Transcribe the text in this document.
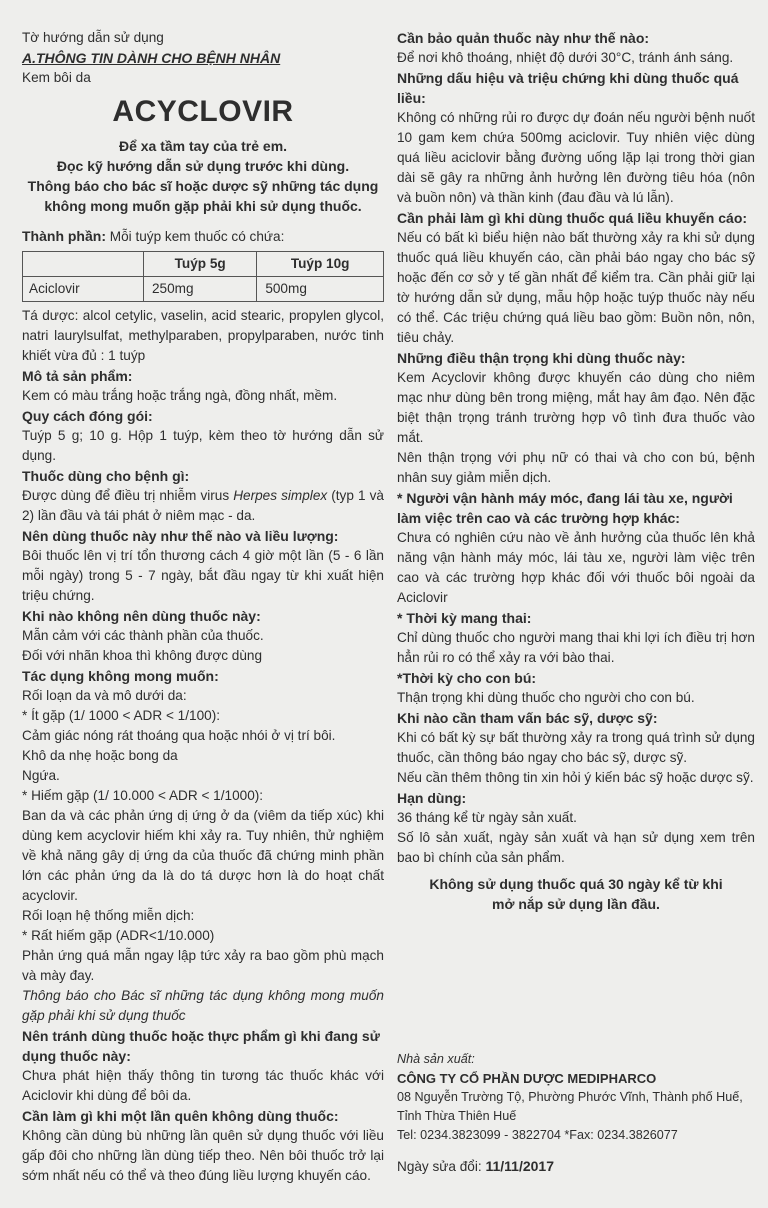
Tờ hướng dẫn sử dụng

A.THÔNG TIN DÀNH CHO BỆNH NHÂN

Kem bôi da

ACYCLOVIR

Để xa tầm tay của trẻ em.

Đọc kỹ hướng dẫn sử dụng trước khi dùng.

Thông báo cho bác sĩ hoặc dược sỹ những tác dụng

không mong muốn gặp phải khi sử dụng thuốc.

Thành phần: Mỗi tuýp kem thuốc có chứa:

	Tuýp 5g	Tuýp 10g
Aciclovir	250mg	500mg

Tá dược: alcol cetylic, vaselin, acid stearic, propylen glycol, natri laurylsulfat, methylparaben, propylparaben, nước tinh khiết vừa đủ : 1 tuýp

Mô tả sản phẩm:

Kem có màu trắng hoặc trắng ngà, đồng nhất, mềm.

Quy cách đóng gói:

Tuýp 5 g; 10 g. Hộp 1 tuýp, kèm theo tờ hướng dẫn sử dụng.

Thuốc dùng cho bệnh gì:

Được dùng để điều trị nhiễm virus Herpes simplex (typ 1 và 2) lần đầu và tái phát ở niêm mạc - da.

Nên dùng thuốc này như thế nào và liều lượng:

Bôi thuốc lên vị trí tổn thương cách 4 giờ một lần (5 - 6 lần mỗi ngày) trong 5 - 7 ngày, bắt đầu ngay từ khi xuất hiện triệu chứng.

Khi nào không nên dùng thuốc này:

Mẫn cảm với các thành phần của thuốc.

Đối với nhãn khoa thì không được dùng

Tác dụng không mong muốn:

Rối loạn da và mô dưới da:

* Ít gặp (1/ 1000 < ADR < 1/100):

Cảm giác nóng rát thoáng qua hoặc nhói ở vị trí bôi.

Khô da nhẹ hoặc bong da

Ngứa.

* Hiếm gặp (1/ 10.000 < ADR < 1/1000):

Ban da và các phản ứng dị ứng ở da (viêm da tiếp xúc) khi dùng kem acyclovir hiếm khi xảy ra. Tuy nhiên, thử nghiệm về khả năng gây dị ứng da của thuốc đã chứng minh phần lớn các phản ứng da là do tá dược hơn là do hoạt chất acyclovir.

Rối loạn hệ thống miễn dịch:

* Rất hiếm gặp (ADR<1/10.000)

Phản ứng quá mẫn ngay lập tức xảy ra bao gồm phù mạch và mày đay.

Thông báo cho Bác sĩ những tác dụng không mong muốn gặp phải khi sử dụng thuốc

Nên tránh dùng thuốc hoặc thực phẩm gì khi đang sử dụng thuốc này:

Chưa phát hiện thấy thông tin tương tác thuốc khác với Aciclovir khi dùng để bôi da.

Cần làm gì khi một lần quên không dùng thuốc:

Không cần dùng bù những lần quên sử dụng thuốc với liều gấp đôi cho những lần dùng tiếp theo. Nên bôi thuốc trở lại sớm nhất nếu có thể và theo đúng liều lượng khuyến cáo.

Cần bảo quản thuốc này như thế nào:

Để nơi khô thoáng, nhiệt độ dưới 30°C, tránh ánh sáng.

Những dấu hiệu và triệu chứng khi dùng thuốc quá liều:

Không có những rủi ro được dự đoán nếu người bệnh nuốt 10 gam kem chứa 500mg aciclovir. Tuy nhiên việc dùng quá liều aciclovir bằng đường uống lặp lại trong thời gian dài sẽ gây ra những ảnh hưởng lên đường tiêu hóa (nôn và buồn nôn) và thần kinh (đau đầu và lú lẫn).

Cần phải làm gì khi dùng thuốc quá liều khuyến cáo:

Nếu có bất kì biểu hiện nào bất thường xảy ra khi sử dụng thuốc quá liều khuyến cáo, cần phải báo ngay cho bác sỹ hoặc đến cơ sở y tế gần nhất để kiểm tra. Cần phải giữ lại tờ hướng dẫn sử dụng, mẫu hộp hoặc tuýp thuốc này nếu có thể. Các triệu chứng quá liều bao gồm: Buồn nôn, nôn, tiêu chảy.

Những điều thận trọng khi dùng thuốc này:

Kem Acyclovir không được khuyến cáo dùng cho niêm mạc như dùng bên trong miệng, mắt hay âm đạo. Nên đặc biệt thận trọng tránh trường hợp vô tình đưa thuốc vào mắt.

Nên thận trọng với phụ nữ có thai và cho con bú, bệnh nhân suy giảm miễn dịch.

* Người vận hành máy móc, đang lái tàu xe, người làm việc trên cao và các trường hợp khác:

Chưa có nghiên cứu nào về ảnh hưởng của thuốc lên khả năng vận hành máy móc, lái tàu xe, người làm việc trên cao và các trường hợp khác đối với thuốc bôi ngoài da Aciclovir

* Thời kỳ mang thai:

Chỉ dùng thuốc cho người mang thai khi lợi ích điều trị hơn hẳn rủi ro có thể xảy ra với bào thai.

*Thời kỳ cho con bú:

Thận trọng khi dùng thuốc cho người cho con bú.

Khi nào cần tham vấn bác sỹ, dược sỹ:

Khi có bất kỳ sự bất thường xảy ra trong quá trình sử dụng thuốc, cần thông báo ngay cho bác sỹ, dược sỹ.

Nếu cần thêm thông tin xin hỏi ý kiến bác sỹ hoặc dược sỹ.

Hạn dùng:

36 tháng kể từ ngày sản xuất.

Số lô sản xuất, ngày sản xuất và hạn sử dụng xem trên bao bì chính của sản phẩm.

Không sử dụng thuốc quá 30 ngày kể từ khi mở nắp sử dụng lần đầu.

Nhà sản xuất:

CÔNG TY CỔ PHẦN DƯỢC MEDIPHARCO

08 Nguyễn Trường Tộ, Phường Phước Vĩnh, Thành phố Huế,

Tỉnh Thừa Thiên Huế

Tel: 0234.3823099 - 3822704 *Fax: 0234.3826077

Ngày sửa đổi: 11/11/2017
